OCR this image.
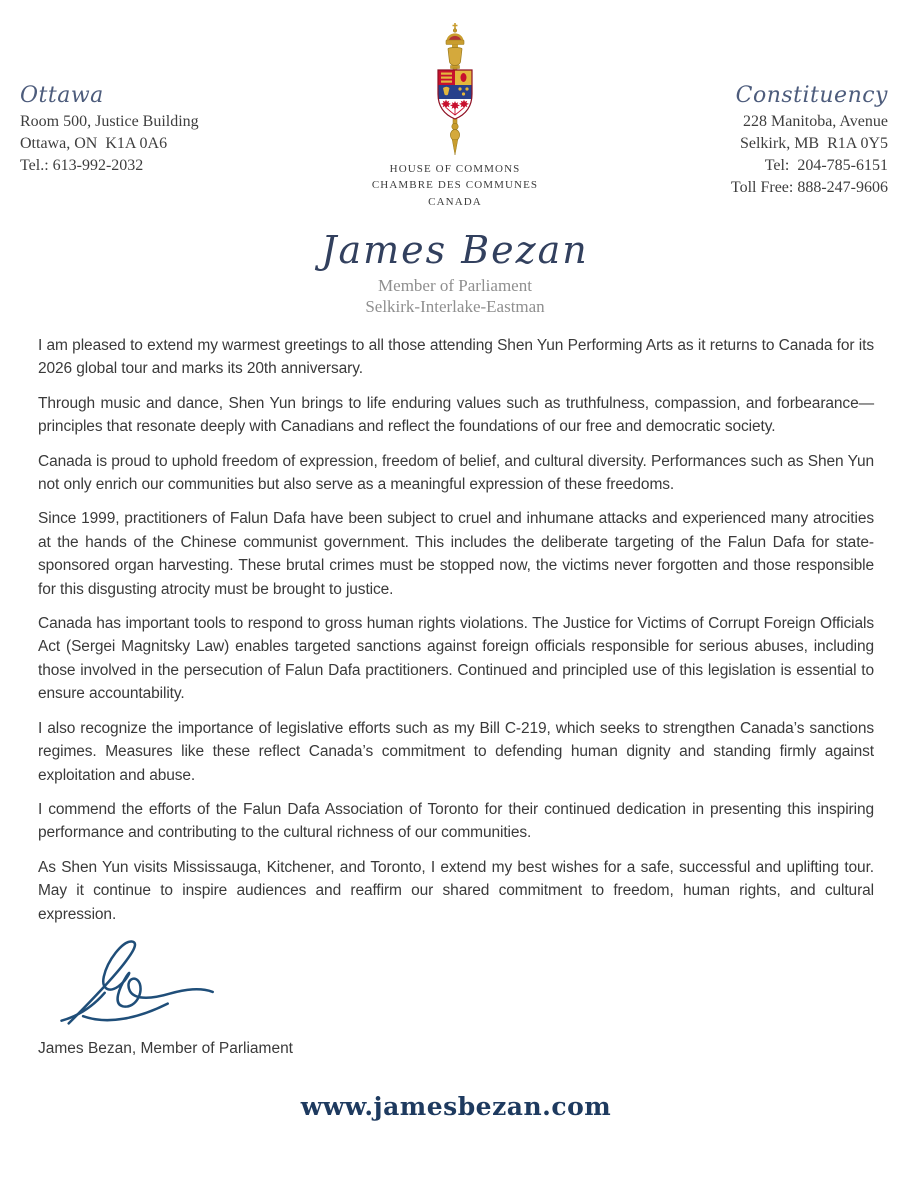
Ottawa
Room 500, Justice Building
Ottawa, ON  K1A 0A6
Tel.: 613-992-2032	HOUSE OF COMMONS
CHAMBRE DES COMMUNES
CANADA
Constituency
228 Manitoba, Avenue
Selkirk, MB  R1A 0Y5
Tel:  204-785-6151
Toll Free: 888-247-9606
James Bezan
Member of Parliament
Selkirk-Interlake-Eastman

I am pleased to extend my warmest greetings to all those attending Shen Yun Performing Arts as it returns to Canada for its 2026 global tour and marks its 20th anniversary.

Through music and dance, Shen Yun brings to life enduring values such as truthfulness, compassion, and forbearance—principles that resonate deeply with Canadians and reflect the foundations of our free and democratic society.

Canada is proud to uphold freedom of expression, freedom of belief, and cultural diversity. Performances such as Shen Yun not only enrich our communities but also serve as a meaningful expression of these freedoms.

Since 1999, practitioners of Falun Dafa have been subject to cruel and inhumane attacks and experienced many atrocities at the hands of the Chinese communist government. This includes the deliberate targeting of the Falun Dafa for state-sponsored organ harvesting. These brutal crimes must be stopped now, the victims never forgotten and those responsible for this disgusting atrocity must be brought to justice.

Canada has important tools to respond to gross human rights violations. The Justice for Victims of Corrupt Foreign Officials Act (Sergei Magnitsky Law) enables targeted sanctions against foreign officials responsible for serious abuses, including those involved in the persecution of Falun Dafa practitioners. Continued and principled use of this legislation is essential to ensure accountability.

I also recognize the importance of legislative efforts such as my Bill C-219, which seeks to strengthen Canada’s sanctions regimes. Measures like these reflect Canada’s commitment to defending human dignity and standing firmly against exploitation and abuse.

I commend the efforts of the Falun Dafa Association of Toronto for their continued dedication in presenting this inspiring performance and contributing to the cultural richness of our communities.

As Shen Yun visits Mississauga, Kitchener, and Toronto, I extend my best wishes for a safe, successful and uplifting tour. May it continue to inspire audiences and reaffirm our shared commitment to freedom, human rights, and cultural expression.

James Bezan, Member of Parliament
www.jamesbezan.com
